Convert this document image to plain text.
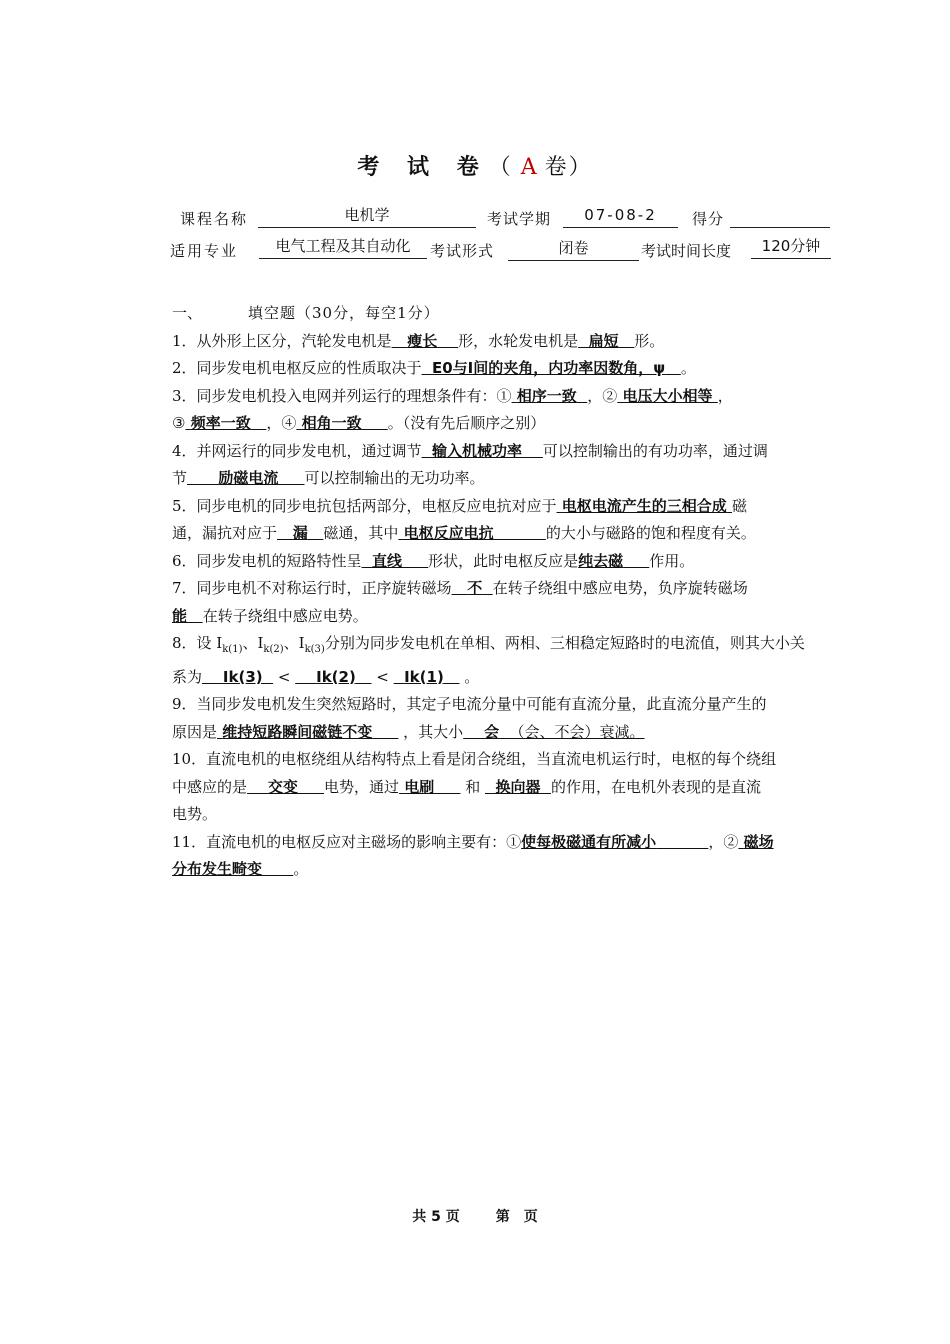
考 试 卷（ A 卷）
课程名称	电机学	考试学期	07-08-2	得分
适用专业	电气工程及其自动化	考试形式	闭卷	考试时间长度	120分钟

一、	填空题（30分，每空1分）

1．从外形上区分，汽轮发电机是 瘦长 形，水轮发电机是 扁短 形。

2．同步发电机电枢反应的性质取决于 E0与I间的夹角，内功率因数角，ψ 。

3．同步发电机投入电网并列运行的理想条件有：① 相序一致 ，② 电压大小相等 ，
③ 频率一致 ，④ 相角一致 。（没有先后顺序之别）

4．并网运行的同步发电机，通过调节 输入机械功率 可以控制输出的有功功率，通过调
节 励磁电流 可以控制输出的无功功率。

5．同步电机的同步电抗包括两部分，电枢反应电抗对应于 电枢电流产生的三相合成 磁
通，漏抗对应于 漏 磁通，其中 电枢反应电抗	的大小与磁路的饱和程度有关。

6．同步发电机的短路特性呈 直线 形状，此时电枢反应是纯去磁 作用。

7．同步电机不对称运行时，正序旋转磁场 不 在转子绕组中感应电势，负序旋转磁场
能 在转子绕组中感应电势。

8．设 $I_{k(1)}$、$I_{k(2)}$、$I_{k(3)}$分别为同步发电机在单相、两相、三相稳定短路时的电流值，则其大小关
系为 Ik(3) < Ik(2) < Ik(1) 。

9．当同步发电机发生突然短路时，其定子电流分量中可能有直流分量，此直流分量产生的
原因是 维持短路瞬间磁链不变 ，其大小 会 （会、不会）衰减。

10．直流电机的电枢绕组从结构特点上看是闭合绕组，当直流电机运行时，电枢的每个绕组
中感应的是 交变 电势，通过 电刷 和 换向器 的作用，在电机外表现的是直流
电势。

11．直流电机的电枢反应对主磁场的影响主要有：①使每极磁通有所减小	，② 磁场
分布发生畸变 。

共 5 页	第　页
